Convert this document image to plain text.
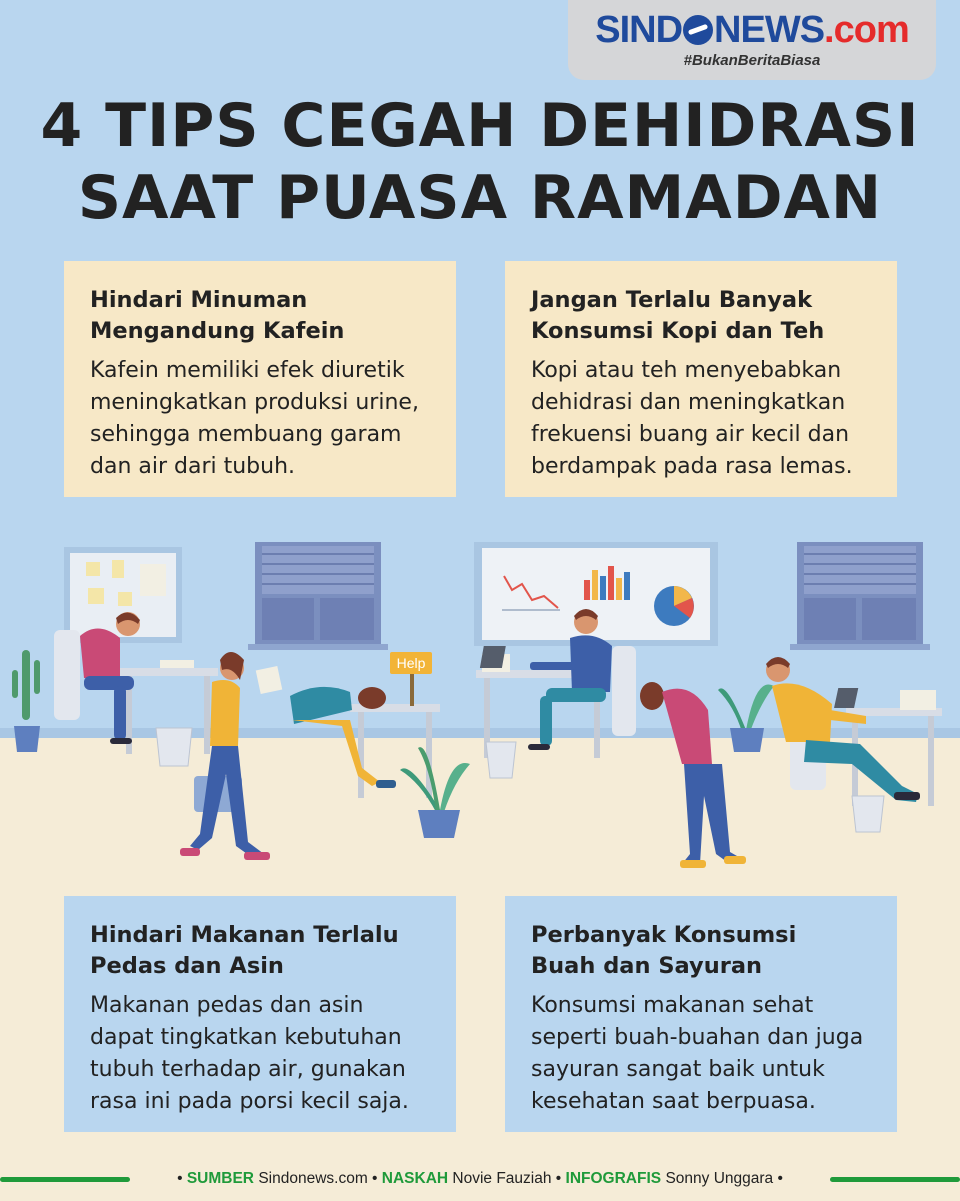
SIND NEWS.com
#BukanBeritaBiasa
4 TIPS CEGAH DEHIDRASI
SAAT PUASA RAMADAN
Help
Hindari Minuman
Mengandung Kafein

Kafein memiliki efek diuretik
meningkatkan produksi urine,
sehingga membuang garam
dan air dari tubuh.

Jangan Terlalu Banyak
Konsumsi Kopi dan Teh

Kopi atau teh menyebabkan
dehidrasi dan meningkatkan
frekuensi buang air kecil dan
berdampak pada rasa lemas.

Hindari Makanan Terlalu
Pedas dan Asin

Makanan pedas dan asin
dapat tingkatkan kebutuhan
tubuh terhadap air, gunakan
rasa ini pada porsi kecil saja.

Perbanyak Konsumsi
Buah dan Sayuran

Konsumsi makanan sehat
seperti buah-buahan dan juga
sayuran sangat baik untuk
kesehatan saat berpuasa.

• SUMBER Sindonews.com • NASKAH Novie Fauziah • INFOGRAFIS Sonny Unggara •
